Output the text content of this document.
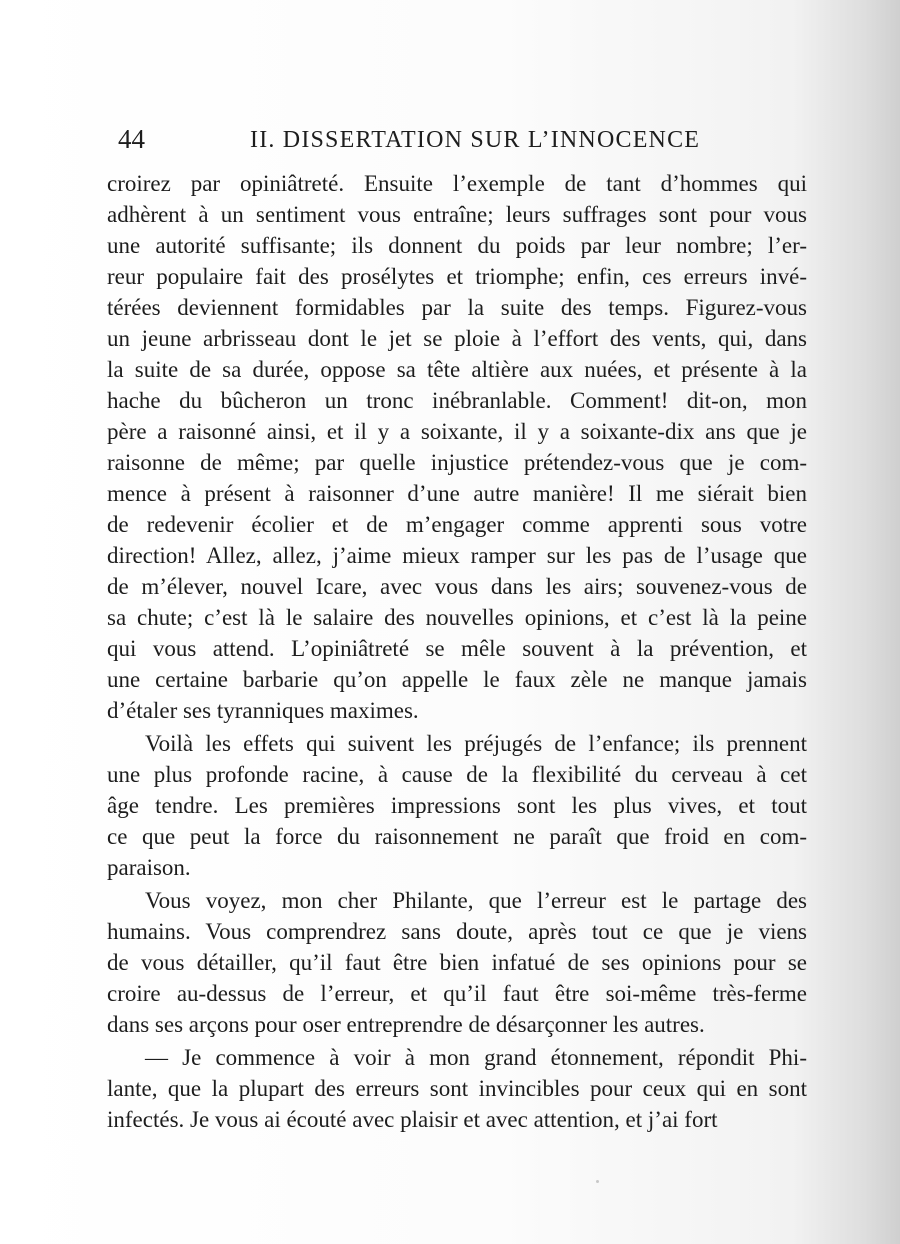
44	II. DISSERTATION SUR L’INNOCENCE
croirez par opiniâtreté. Ensuite l’exemple de tant d’hommes qui
adhèrent à un sentiment vous entraîne; leurs suffrages sont pour vous
une autorité suffisante; ils donnent du poids par leur nombre; l’er-
reur populaire fait des prosélytes et triomphe; enfin, ces erreurs invé-
térées deviennent formidables par la suite des temps. Figurez-vous
un jeune arbrisseau dont le jet se ploie à l’effort des vents, qui, dans
la suite de sa durée, oppose sa tête altière aux nuées, et présente à la
hache du bûcheron un tronc inébranlable. Comment! dit-on, mon
père a raisonné ainsi, et il y a soixante, il y a soixante-dix ans que je
raisonne de même; par quelle injustice prétendez-vous que je com-
mence à présent à raisonner d’une autre manière! Il me siérait bien
de redevenir écolier et de m’engager comme apprenti sous votre
direction! Allez, allez, j’aime mieux ramper sur les pas de l’usage que
de m’élever, nouvel Icare, avec vous dans les airs; souvenez-vous de
sa chute; c’est là le salaire des nouvelles opinions, et c’est là la peine
qui vous attend. L’opiniâtreté se mêle souvent à la prévention, et
une certaine barbarie qu’on appelle le faux zèle ne manque jamais
d’étaler ses tyranniques maximes.
Voilà les effets qui suivent les préjugés de l’enfance; ils prennent
une plus profonde racine, à cause de la flexibilité du cerveau à cet
âge tendre. Les premières impressions sont les plus vives, et tout
ce que peut la force du raisonnement ne paraît que froid en com-
paraison.
Vous voyez, mon cher Philante, que l’erreur est le partage des
humains. Vous comprendrez sans doute, après tout ce que je viens
de vous détailler, qu’il faut être bien infatué de ses opinions pour se
croire au-dessus de l’erreur, et qu’il faut être soi-même très-ferme
dans ses arçons pour oser entreprendre de désarçonner les autres.
— Je commence à voir à mon grand étonnement, répondit Phi-
lante, que la plupart des erreurs sont invincibles pour ceux qui en sont
infectés. Je vous ai écouté avec plaisir et avec attention, et j’ai fort
